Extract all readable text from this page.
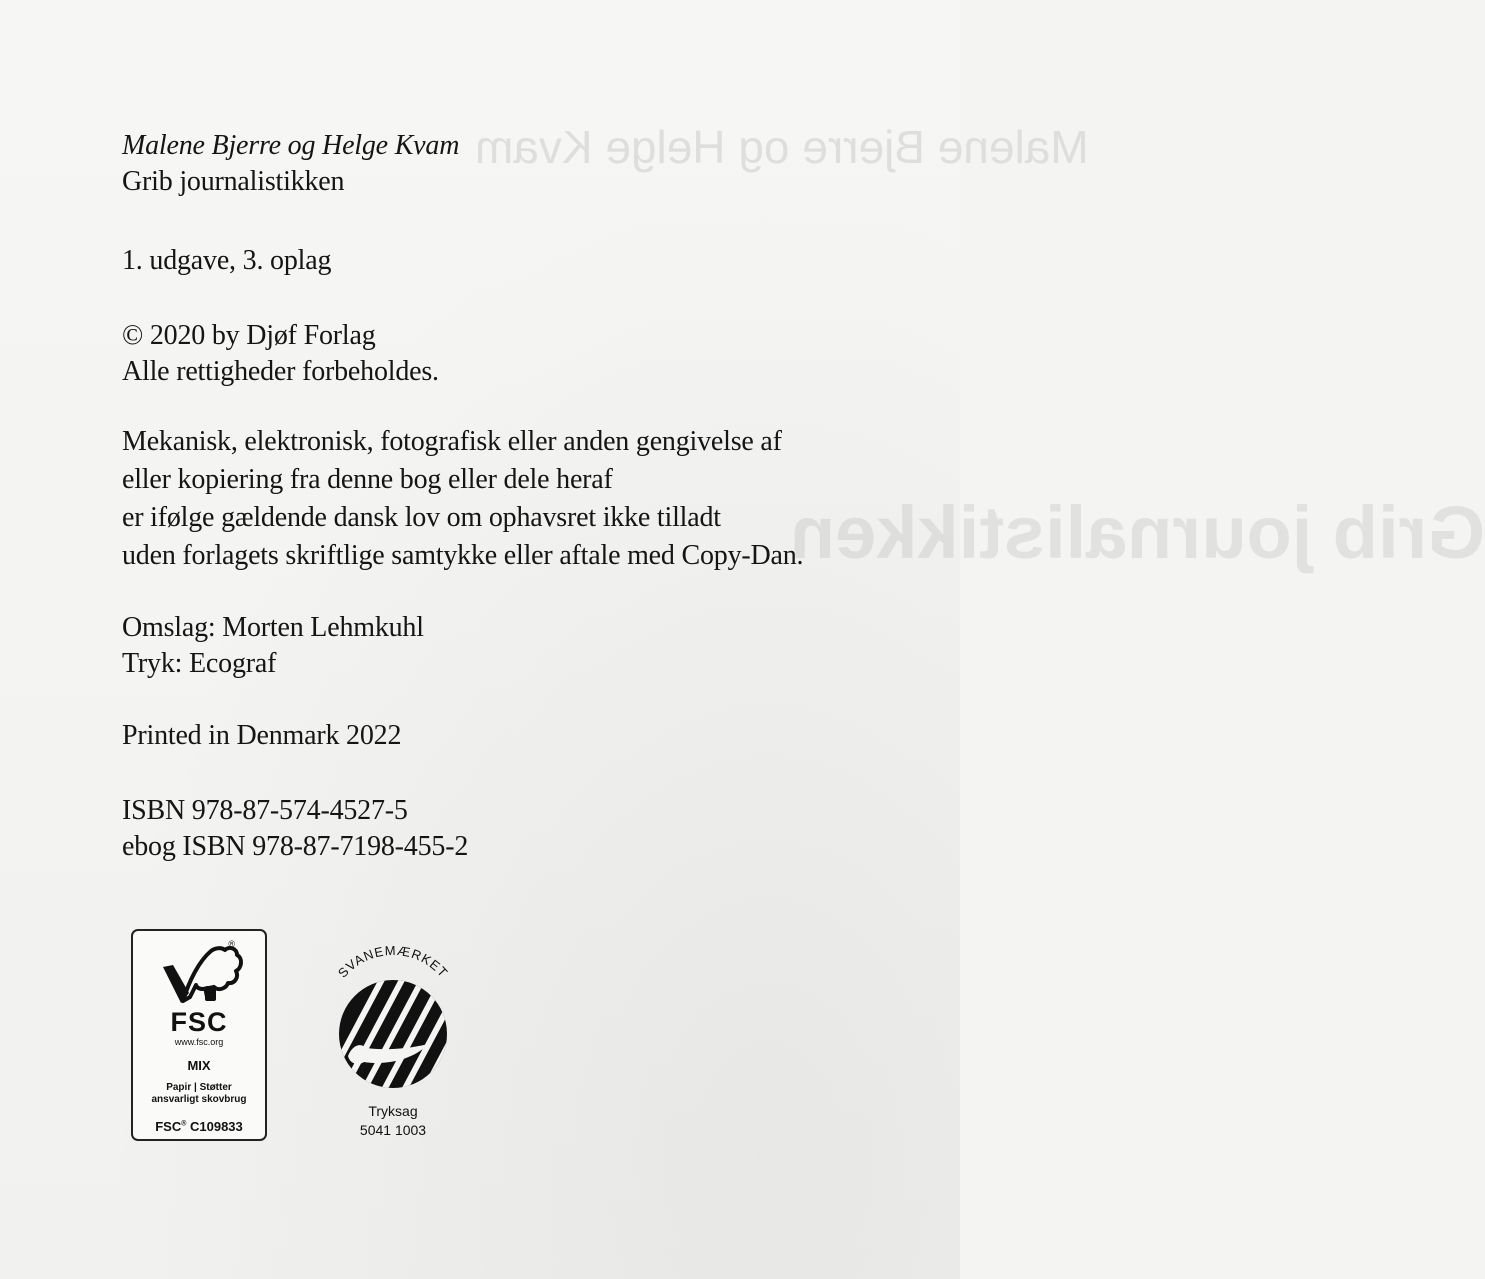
Malene Bjerre og Helge Kvam
Grib journalistikken
Malene Bjerre og Helge Kvam
Grib journalistikken
1. udgave, 3. oplag
© 2020 by Djøf Forlag
Alle rettigheder forbeholdes.
Mekanisk, elektronisk, fotografisk eller anden gengivelse af
eller kopiering fra denne bog eller dele heraf
er ifølge gældende dansk lov om ophavsret ikke tilladt
uden forlagets skriftlige samtykke eller aftale med Copy-Dan.
Omslag: Morten Lehmkuhl
Tryk: Ecograf
Printed in Denmark 2022
ISBN 978-87-574-4527-5
ebog ISBN 978-87-7198-455-2
®
FSC
www.fsc.org
MIX
Papir | Støtter
ansvarligt skovbrug
FSC® C109833
SVANEMÆRKET
Tryksag
5041 1003
